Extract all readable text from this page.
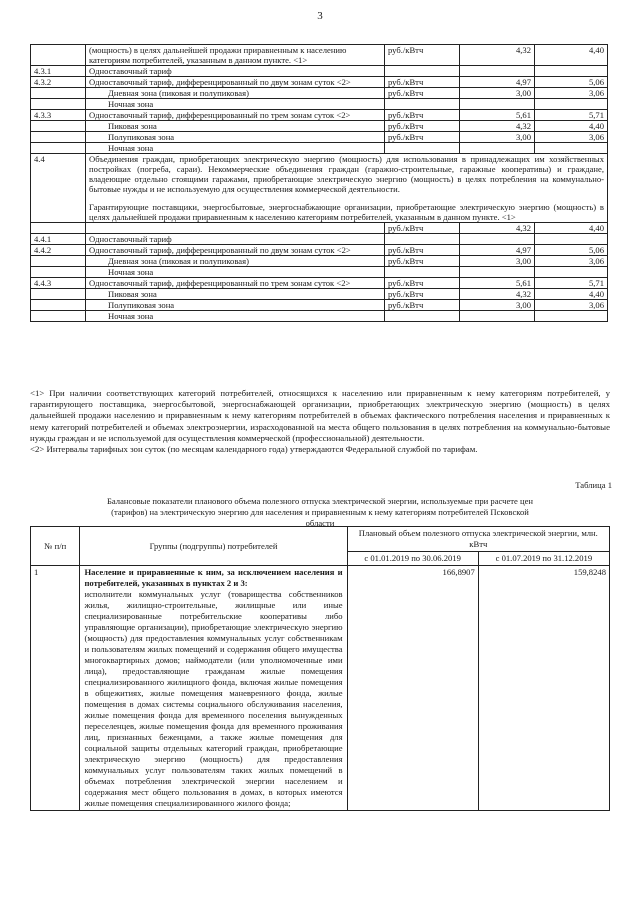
3
	(мощность) в целях дальнейшей продажи приравненным к населению категориям потребителей, указанным в данном пункте. <1>	руб./кВтч	4,32	4,40
4.3.1	Одноставочный тариф			
4.3.2	Одноставочный тариф, дифференцированный по двум зонам суток <2>	руб./кВтч	4,97	5,06
	Дневная зона (пиковая и полупиковая)	руб./кВтч	3,00	3,06
	Ночная зона			
4.3.3	Одноставочный тариф, дифференцированный по трем зонам суток <2>	руб./кВтч	5,61	5,71
	Пиковая зона	руб./кВтч	4,32	4,40
	Полупиковая зона	руб./кВтч	3,00	3,06
	Ночная зона			
4.4	Объединения граждан, приобретающих электрическую энергию (мощность) для использования в принадлежащих им хозяйственных постройках (погреба, сараи). Некоммерческие объединения граждан (гаражно-строительные, гаражные кооперативы) и граждане, владеющие отдельно стоящими гаражами, приобретающие электрическую энергию (мощность) в целях потребления на коммунально-бытовые нужды и не используемую для осуществления коммерческой деятельности.
Гарантирующие поставщики, энергосбытовые, энергоснабжающие организации, приобретающие электрическую энергию (мощность) в целях дальнейшей продажи приравненным к населению категориям потребителей, указанным в данном пункте. <1>			

		руб./кВтч	4,32	4,40
4.4.1	Одноставочный тариф			
4.4.2	Одноставочный тариф, дифференцированный по двум зонам суток <2>	руб./кВтч	4,97	5,06
	Дневная зона (пиковая и полупиковая)	руб./кВтч	3,00	3,06
	Ночная зона			
4.4.3	Одноставочный тариф, дифференцированный по трем зонам суток <2>	руб./кВтч	5,61	5,71
	Пиковая зона	руб./кВтч	4,32	4,40
	Полупиковая зона	руб./кВтч	3,00	3,06
	Ночная зона			

<1> При наличии соответствующих категорий потребителей, относящихся к населению или приравненным к нему категориям потребителей, у гарантирующего поставщика, энергосбытовой, энергоснабжающей организации, приобретающих электрическую энергию (мощность) в целях дальнейшей продажи населению и приравненным к нему категориям потребителей в объемах фактического потребления населения и приравненных к нему категорий потребителей и объемах электроэнергии, израсходованной на места общего пользования в целях потребления на коммунально-бытовые нужды граждан и не используемой для осуществления коммерческой (профессиональной) деятельности.

<2> Интервалы тарифных зон суток (по месяцам календарного года) утверждаются Федеральной службой по тарифам.

Таблица 1
Балансовые показатели планового объема полезного отпуска электрической энергии, используемые при расчете цен (тарифов) на электрическую энергию для населения и приравненным к нему категориям потребителей Псковской области
№ п/п	Группы (подгруппы) потребителей	Плановый объем полезного отпуска электрической энергии, млн. кВтч	
		с 01.01.2019 по 30.06.2019	с 01.07.2019 по 31.12.2019
1	Население и приравненные к ним, за исключением населения и потребителей, указанных в пунктах 2 и 3:
исполнители коммунальных услуг (товарищества собственников жилья, жилищно-строительные, жилищные или иные специализированные потребительские кооперативы либо управляющие организации), приобретающие электрическую энергию (мощность) для предоставления коммунальных услуг собственникам и пользователям жилых помещений и содержания общего имущества многоквартирных домов; наймодатели (или уполномоченные ими лица), предоставляющие гражданам жилые помещения специализированного жилищного фонда, включая жилые помещения в общежитиях, жилые помещения маневренного фонда, жилые помещения в домах системы социального обслуживания населения, жилые помещения фонда для временного поселения вынужденных переселенцев, жилые помещения фонда для временного проживания лиц, признанных беженцами, а также жилые помещения для социальной защиты отдельных категорий граждан, приобретающие электрическую энергию (мощность) для предоставления коммунальных услуг пользователям таких жилых помещений в объемах потребления электрической энергии населением и содержания мест общего пользования в домах, в которых имеются жилые помещения специализированного жилого фонда;	166,8907	159,8248
